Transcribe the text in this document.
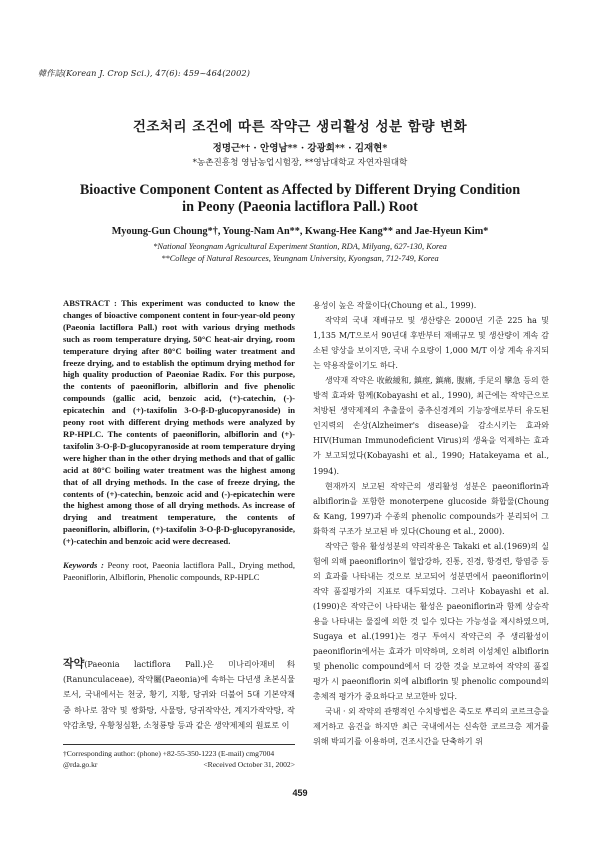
韓作誌(Korean J. Crop Sci.), 47(6): 459~464(2002)
건조처리 조건에 따른 작약근 생리활성 성분 함량 변화
정명근*† · 안영남** · 강광희** · 김재현*
*농촌진흥청 영남농업시험장, **영남대학교 자연자원대학
Bioactive Component Content as Affected by Different Drying Condition
in Peony (Paeonia lactiflora Pall.) Root
Myoung-Gun Choung*†, Young-Nam An**, Kwang-Hee Kang** and Jae-Hyeun Kim*
*National Yeongnam Agricultural Experiment Stantion, RDA, Milyang, 627-130, Korea
**College of Natural Resources, Yeungnam University, Kyongsan, 712-749, Korea

ABSTRACT : This experiment was conducted to know the changes of bioactive component content in four-year-old peony (Paeonia lactiflora Pall.) root with various drying methods such as room temperature drying, 50°C heat-air drying, room temperature drying after 80°C boiling water treatment and freeze drying, and to establish the optimum drying method for high quality production of Paeoniae Radix. For this purpose, the contents of paeoniflorin, albiflorin and five phenolic compounds (gallic acid, benzoic acid, (+)-catechin, (-)-epicatechin and (+)-taxifolin 3-O-β-D-glucopyranoside) in peony root with different drying methods were analyzed by RP-HPLC. The contents of paeoniflorin, albiflorin and (+)-taxifolin 3-O-β-D-glucopyranoside at room temperature drying were higher than in the other drying methods and that of gallic acid at 80°C boiling water treatment was the highest among that of all drying methods. In the case of freeze drying, the contents of (+)-catechin, benzoic acid and (-)-epicatechin were the highest among those of all drying methods. As increase of drying and treatment temperature, the contents of paeoniflorin, albiflorin, (+)-taxifolin 3-O-β-D-glucopyranoside, (+)-catechin and benzoic acid were decreased.

Keywords : Peony root, Paeonia lactiflora Pall., Drying method, Paeoniflorin, Albiflorin, Phenolic compounds, RP-HPLC

작약(Paeonia lactiflora Pall.)은 미나리아재비科(Ranunculaceae), 작약屬(Paeonia)에 속하는 다년생 초본식물로서, 국내에서는 천궁, 황기, 지황, 당귀와 더불어 5대 기본약재 중 하나로 참약 및 쌍화탕, 사물탕, 당귀작약산, 계지가작약탕, 작약감초탕, 우황청심환, 소청룡탕 등과 같은 생약제제의 원료로 이
†Corresponding author: (phone) +82-55-350-1223 (E-mail) cmg7004
@rda.go.kr	<Received October 31, 2002>

용성이 높은 작물이다(Choung et al., 1999).

작약의 국내 재배규모 및 생산량은 2000년 기준 225 ha 및 1,135 M/T으로서 90년대 후반부터 재배규모 및 생산량이 계속 감소된 양상을 보이지만, 국내 수요량이 1,000 M/T 이상 계속 유지되는 약용작물이기도 하다.

생약재 작약은 收斂緩和, 鎮痙, 鎮痛, 腹痛, 手足의 攣急 등의 한방적 효과와 함께(Kobayashi et al., 1990), 최근에는 작약근으로 처방된 생약제제의 추출물이 중추신경계의 기능장애로부터 유도된 인지력의 손상(Alzheimer's disease)을 감소시키는 효과와 HIV(Human Immunodeficient Virus)의 생육을 억제하는 효과가 보고되었다(Kobayashi et al., 1990; Hatakeyama et al., 1994).

현재까지 보고된 작약근의 생리활성 성분은 paeoniflorin과 albiflorin을 포함한 monoterpene glucoside 화합물(Choung & Kang, 1997)과 수종의 phenolic compounds가 분리되어 그 화학적 구조가 보고된 바 있다(Choung et al., 2000).

작약근 함유 활성성분의 약리작용은 Takaki et al.(1969)의 실험에 의해 paeoniflorin이 혈압강하, 진통, 진경, 항경련, 항염증 등의 효과를 나타내는 것으로 보고되어 성분면에서 paeoniflorin이 작약 품질평가의 지표로 대두되었다. 그러나 Kobayashi et al.(1990)은 작약근이 나타내는 활성은 paeoniflorin과 함께 상승작용을 나타내는 물질에 의한 것 일수 있다는 가능성을 제시하였으며, Sugaya et al.(1991)는 경구 투여시 작약근의 주 생리활성이 paeoniflorin에서는 효과가 미약하며, 오히려 이성체인 albiflorin 및 phenolic compound에서 더 강한 것을 보고하여 작약의 품질 평가 시 paeoniflorin 외에 albiflorin 및 phenolic compound의 총체적 평가가 중요하다고 보고한바 있다.

국내 · 외 작약의 관행적인 수치방법은 죽도로 뿌리의 코르크층을 제거하고 음건을 하지만 최근 국내에서는 신속한 코르크층 제거를 위해 박피기를 이용하며, 건조시간을 단축하기 위

459
